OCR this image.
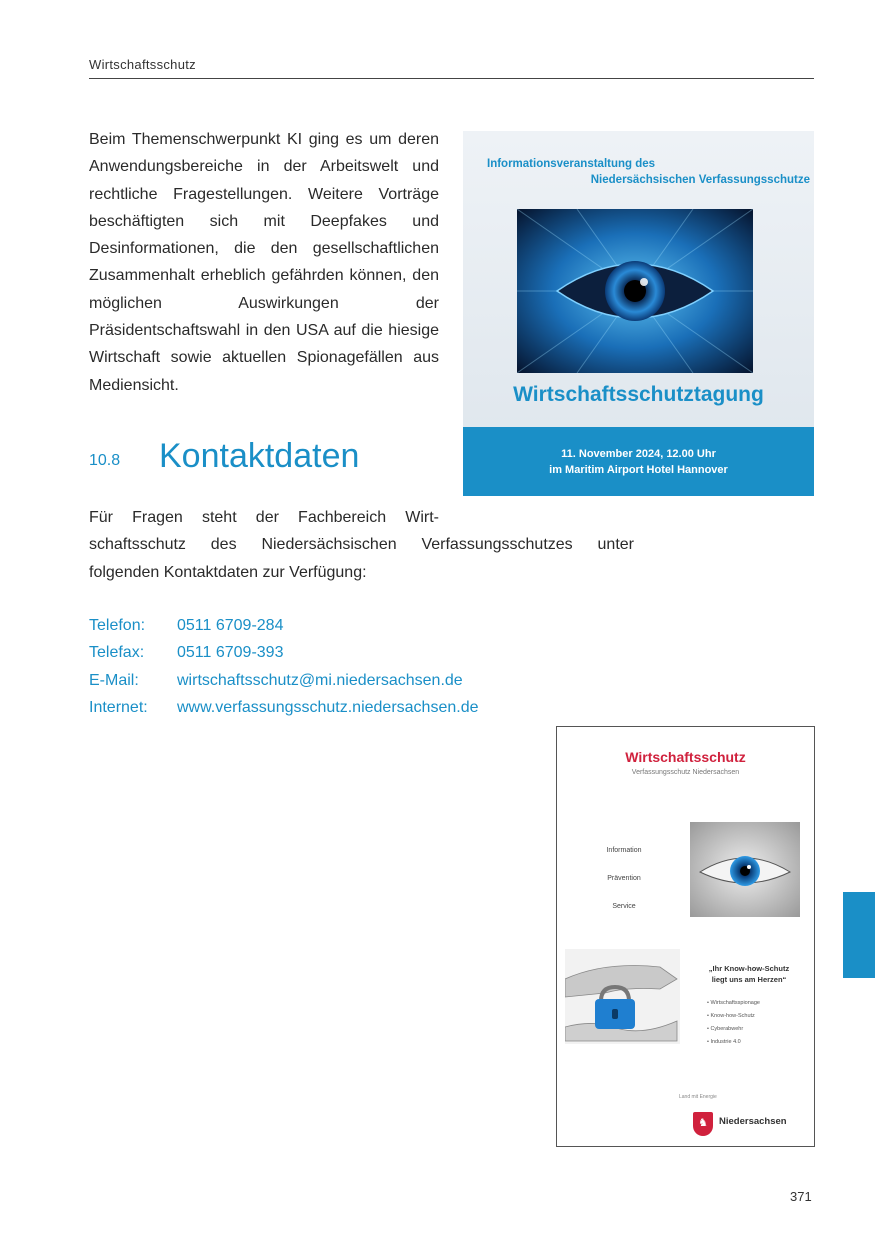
Wirtschaftsschutz

Beim Themenschwerpunkt KI ging es um deren Anwendungsbereiche in der Arbeitswelt und rechtliche Fragestellungen. Weitere Vorträge beschäftigten sich mit Deepfakes und Desinformationen, die den gesellschaftlichen Zusammenhalt erheblich gefährden können, den möglichen Auswirkungen der Präsidentschaftswahl in den USA auf die hiesige Wirtschaft sowie aktuellen Spionagefällen aus Mediensicht.

10.8 Kontaktdaten

Für Fragen steht der Fachbereich Wirt-
schaftsschutz des Niedersächsischen Verfassungsschutzes unter
folgenden Kontaktdaten zur Verfügung:

Telefon: 0511 6709-284
Telefax: 0511 6709-393
E-Mail: wirtschaftsschutz@mi.niedersachsen.de
Internet: www.verfassungsschutz.niedersachsen.de
Informationsveranstaltung des
Niedersächsischen Verfassungsschutze
Wirtschaftsschutztagung
11. November 2024, 12.00 Uhr
im Maritim Airport Hotel Hannover
Wirtschaftsschutz
Verfassungsschutz Niedersachsen
Information
Prävention
Service
„Ihr Know-how-Schutz
liegt uns am Herzen“
• Wirtschaftsspionage
• Know-how-Schutz
• Cyberabwehr
• Industrie 4.0
Land mit Energie
♞	Niedersachsen
371
